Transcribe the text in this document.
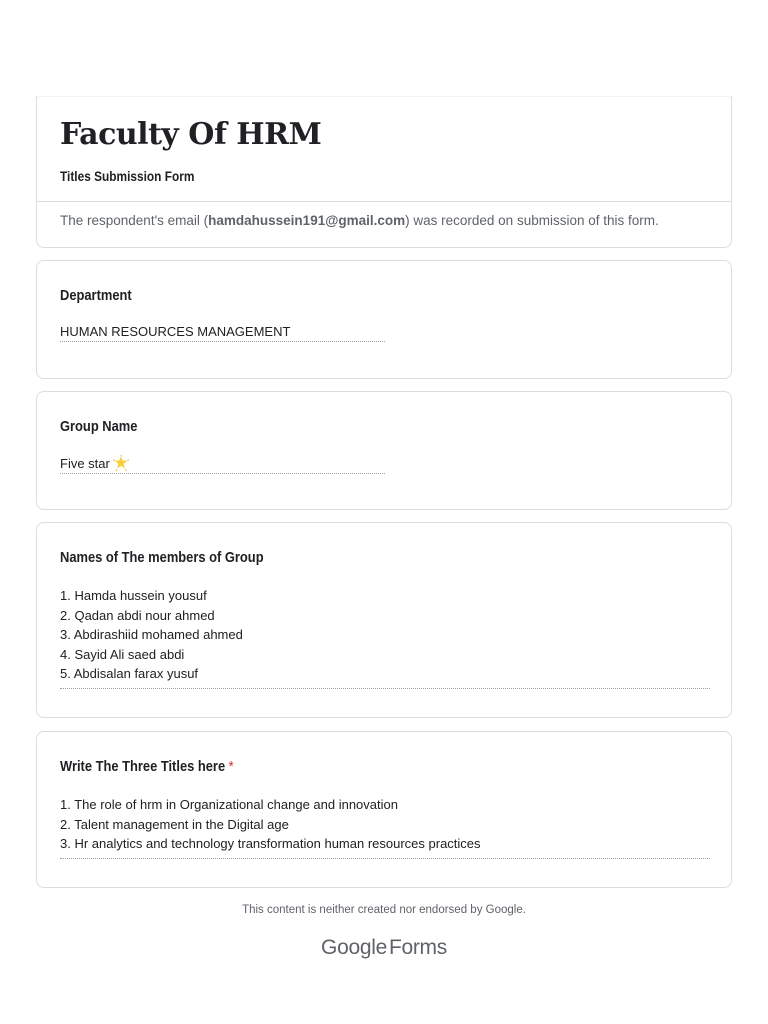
Faculty Of HRM
Titles Submission Form
The respondent's email (hamdahussein191@gmail.com) was recorded on submission of this form.
Department
HUMAN RESOURCES MANAGEMENT
Group Name
Five star
Names of The members of Group
1. Hamda hussein yousuf
2. Qadan abdi nour ahmed
3. Abdirashiid mohamed ahmed
4. Sayid Ali saed abdi
5. Abdisalan farax yusuf
Write The Three Titles here *
1. The role of hrm in Organizational change and innovation
2. Talent management in the Digital age
3. Hr analytics and technology transformation human resources practices
This content is neither created nor endorsed by Google.
GoogleForms
